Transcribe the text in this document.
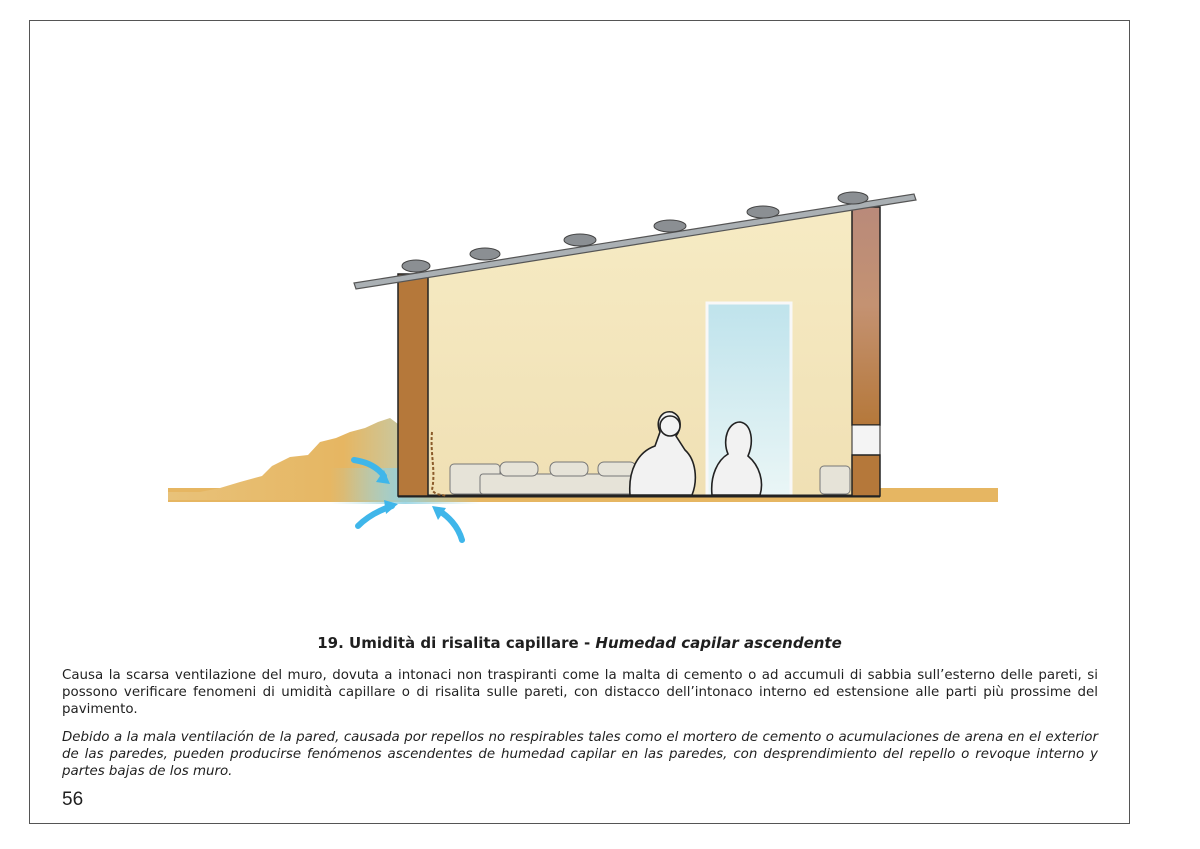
19. Umidità di risalita capillare - Humedad capilar ascendente

Causa la scarsa ventilazione del muro, dovuta a intonaci non traspiranti come la malta di cemento o ad accumuli di sabbia sull’esterno delle pareti, si possono verificare fenomeni di umidità capillare o di risalita sulle pareti, con distacco dell’intonaco interno ed estensione alle parti più prossime del pavimento.

Debido a la mala ventilación de la pared, causada por repellos no respirables tales como el mortero de cemento o acumulaciones de arena en el exterior de las paredes, pueden producirse fenómenos ascendentes de humedad capilar en las paredes, con desprendimiento del repello o revoque interno y partes bajas de los muro.

56
